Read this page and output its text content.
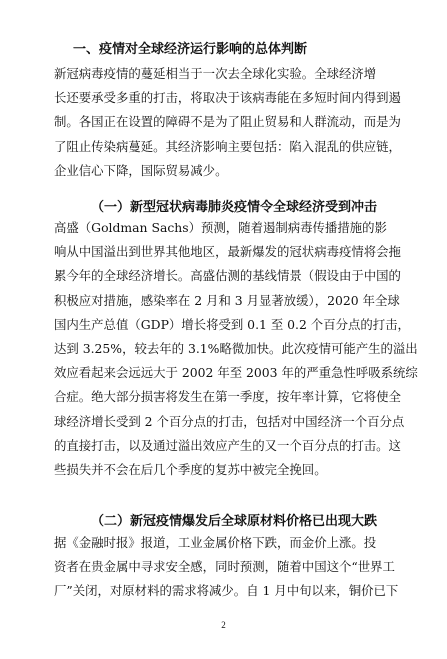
一、疫情对全球经济运行影响的总体判断
新冠病毒疫情的蔓延相当于一次去全球化实验。全球经济增
长还要承受多重的打击，将取决于该病毒能在多短时间内得到遏
制。各国正在设置的障碍不是为了阻止贸易和人群流动，而是为
了阻止传染病蔓延。其经济影响主要包括：陷入混乱的供应链，
企业信心下降，国际贸易减少。
（一）新型冠状病毒肺炎疫情令全球经济受到冲击
高盛（Goldman Sachs）预测，随着遏制病毒传播措施的影
响从中国溢出到世界其他地区，最新爆发的冠状病毒疫情将会拖
累今年的全球经济增长。高盛估测的基线情景（假设由于中国的
积极应对措施，感染率在 2 月和 3 月显著放缓），2020 年全球
国内生产总值（GDP）增长将受到 0.1 至 0.2 个百分点的打击，
达到 3.25%，较去年的 3.1%略微加快。此次疫情可能产生的溢出
效应看起来会远远大于 2002 年至 2003 年的严重急性呼吸系统综
合症。绝大部分损害将发生在第一季度，按年率计算，它将使全
球经济增长受到 2 个百分点的打击，包括对中国经济一个百分点
的直接打击，以及通过溢出效应产生的又一个百分点的打击。这
些损失并不会在后几个季度的复苏中被完全挽回。
（二）新冠疫情爆发后全球原材料价格已出现大跌
据《金融时报》报道，工业金属价格下跌，而金价上涨。投
资者在贵金属中寻求安全感，同时预测，随着中国这个“世界工
厂”关闭，对原材料的需求将减少。自 1 月中旬以来，铜价已下
2
